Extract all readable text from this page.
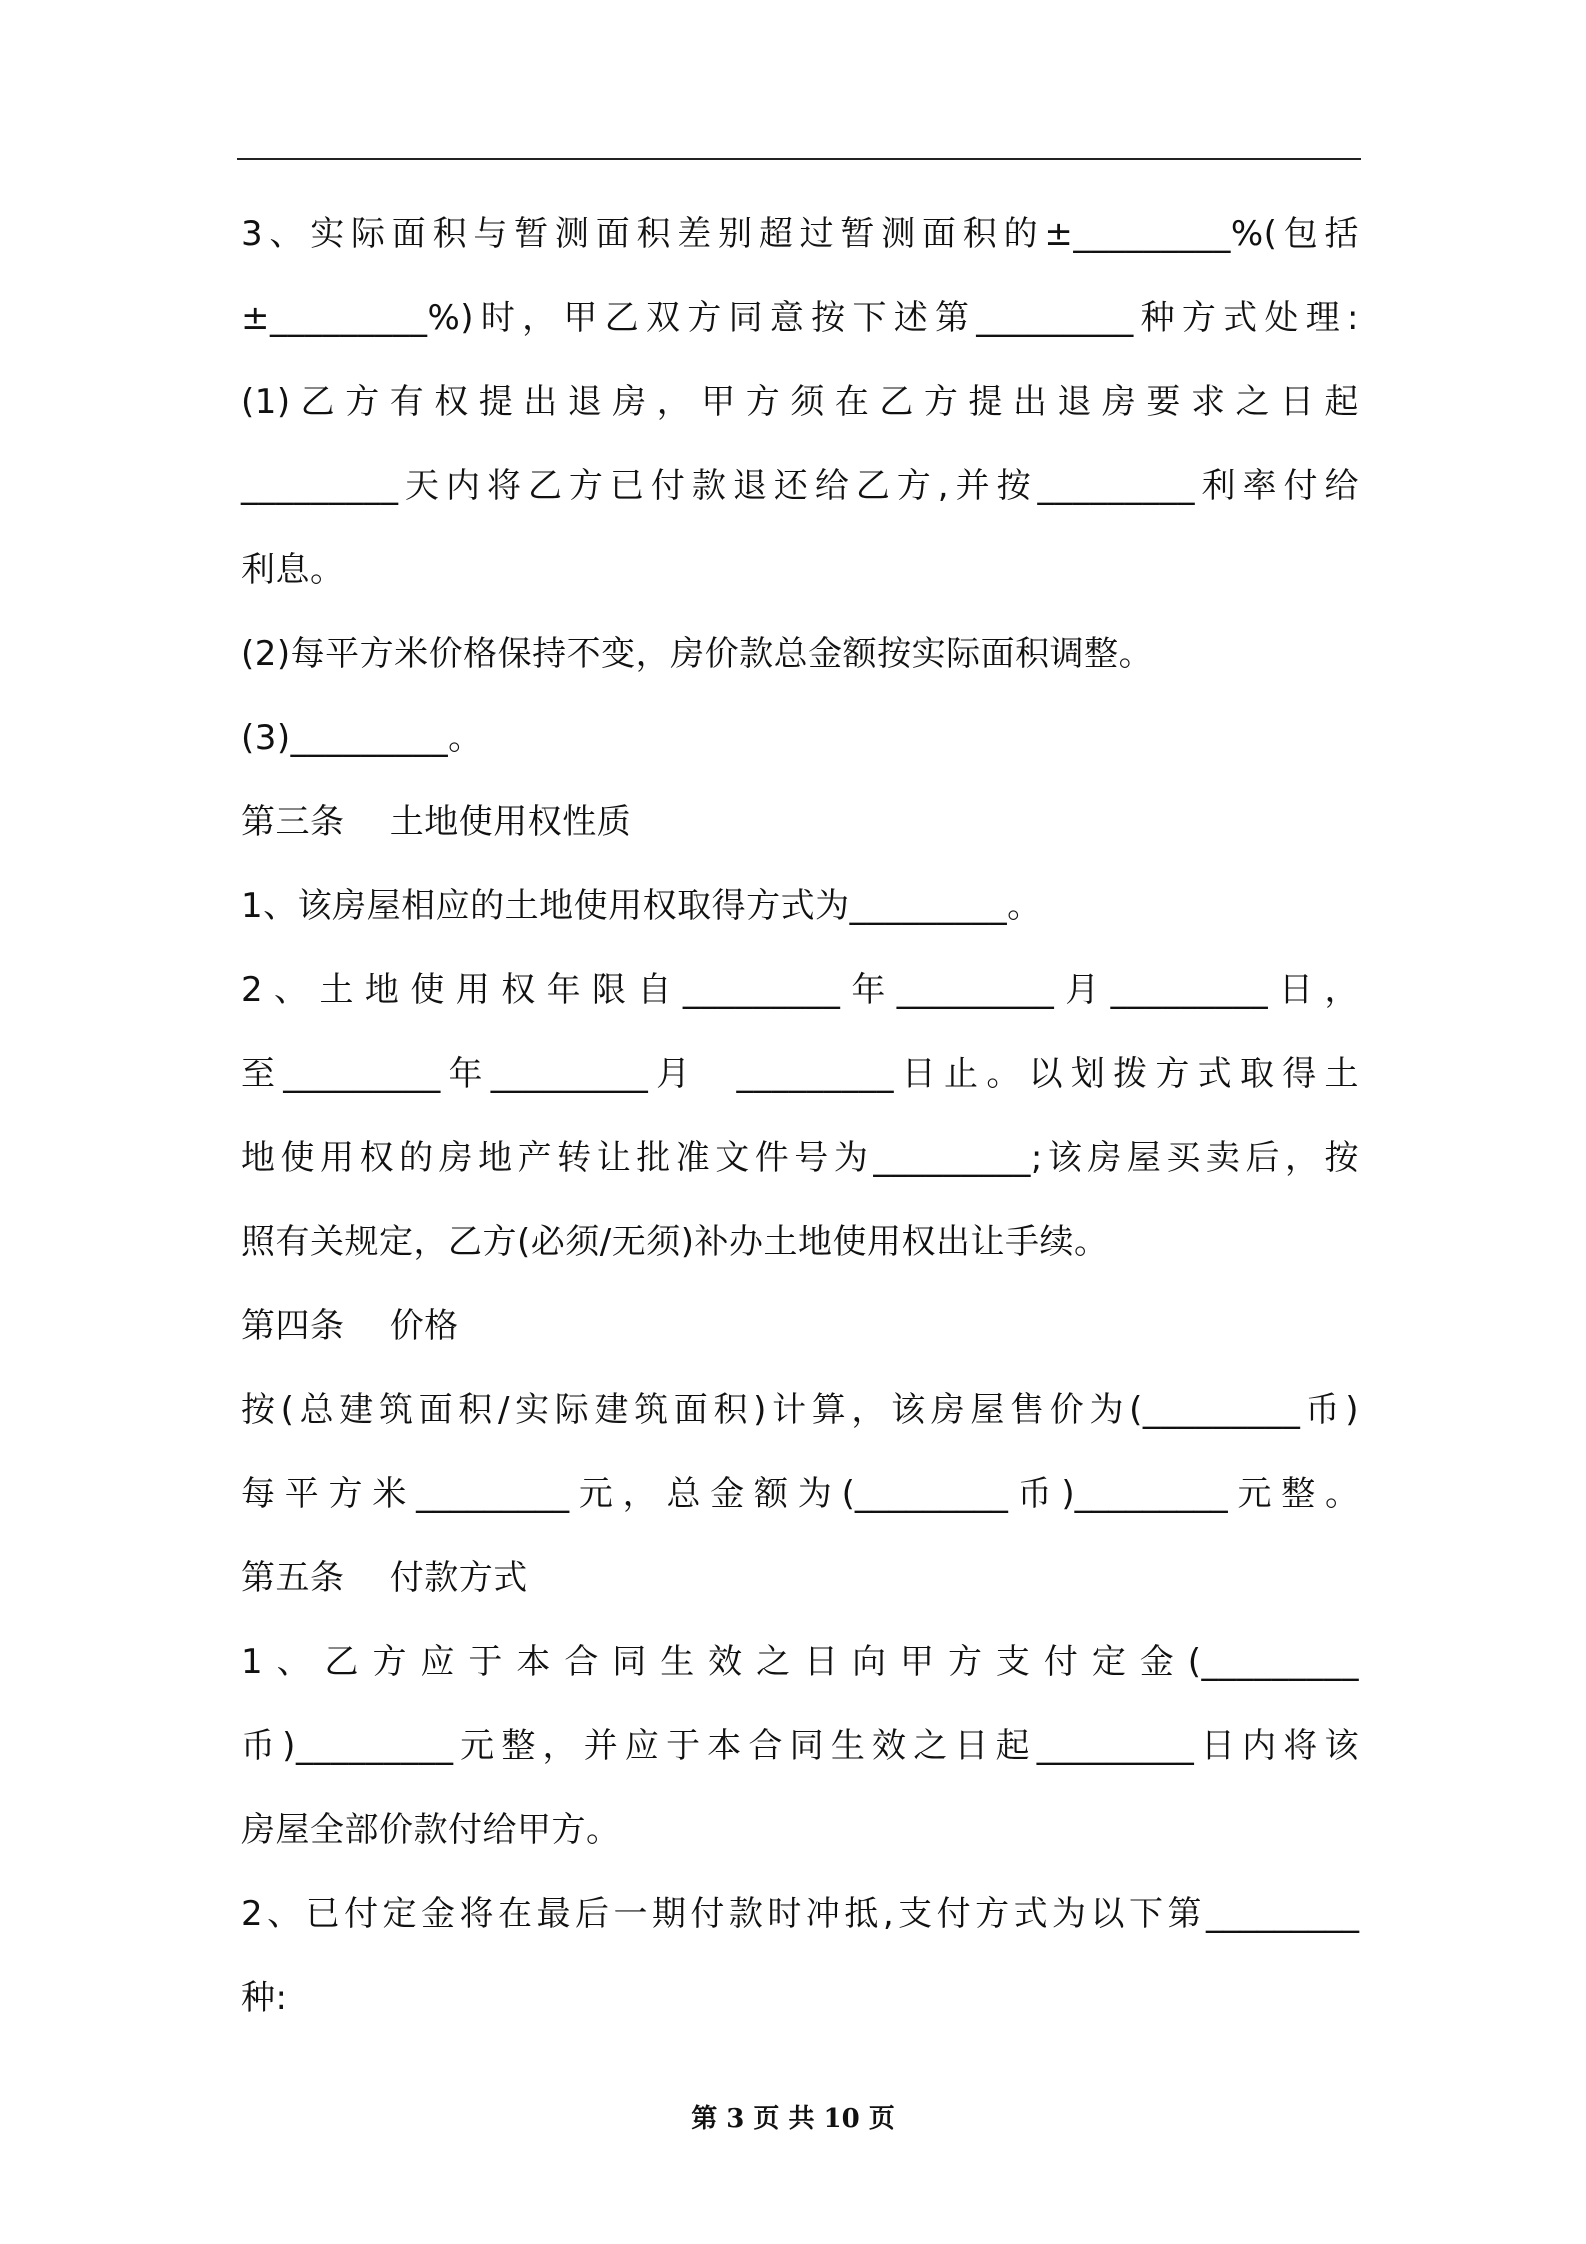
3、实际面积与暂测面积差别超过暂测面积的±_________%(包括
±_________%)时，甲乙双方同意按下述第_________种方式处理:
(1)乙方有权提出退房，甲方须在乙方提出退房要求之日起
_________天内将乙方已付款退还给乙方,并按_________利率付给
利息。
(2)每平方米价格保持不变，房价款总金额按实际面积调整。
(3)_________。
第三条    土地使用权性质
1、该房屋相应的土地使用权取得方式为_________。
2、土地使用权年限自_________年_________月_________日，
至_________年_________月  _________日止。以划拨方式取得土
地使用权的房地产转让批准文件号为_________;该房屋买卖后，按
照有关规定，乙方(必须/无须)补办土地使用权出让手续。
第四条    价格
按(总建筑面积/实际建筑面积)计算，该房屋售价为(_________币)
每平方米_________元，总金额为(_________币)_________元整。
第五条    付款方式
1、乙方应于本合同生效之日向甲方支付定金(_________
币)_________元整，并应于本合同生效之日起_________日内将该
房屋全部价款付给甲方。
2、已付定金将在最后一期付款时冲抵,支付方式为以下第_________
种:
第 3 页 共 10 页
